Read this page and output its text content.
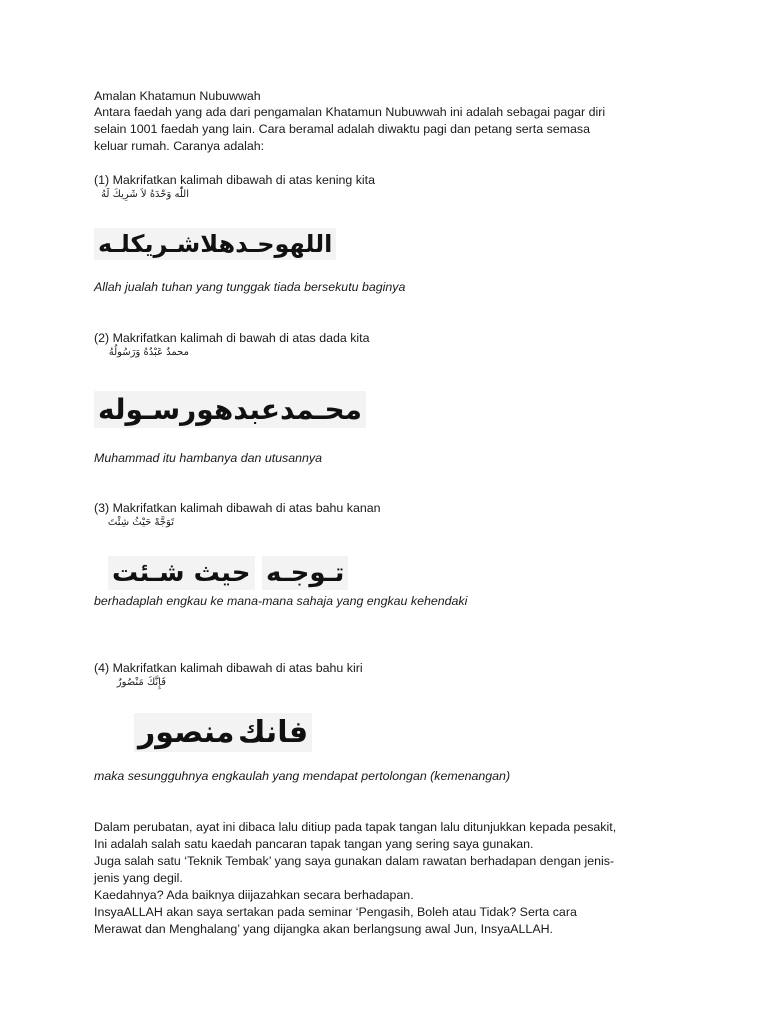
Amalan Khatamun Nubuwwah
Antara faedah yang ada dari pengamalan Khatamun Nubuwwah ini adalah sebagai pagar diri
selain 1001 faedah yang lain. Cara beramal adalah diwaktu pagi dan petang serta semasa
keluar rumah. Caranya adalah:
(1) Makrifatkan kalimah dibawah di atas kening kita
اللّٰه وَحْدَهُ لاَ شَرِيكَ لَهُ
اللهوحـدهلاشـريكلـه
Allah jualah tuhan yang tunggak tiada bersekutu baginya
(2) Makrifatkan kalimah di bawah di atas dada kita
محمدٌ عَبْدُهُ وَرَسُولُهُ
محـمدعبدهورسـوله
Muhammad itu hambanya dan utusannya
(3) Makrifatkan kalimah dibawah di atas bahu kanan
تَوَجَّهْ حَيْثُ شِئْتَ
تـوجـه
حيث شـئت
berhadaplah engkau ke mana-mana sahaja yang engkau kehendaki
(4) Makrifatkan kalimah dibawah di atas bahu kiri
فَإِنَّكَ مَنْصُورٌ
فانك
منصور
maka sesungguhnya engkaulah yang mendapat pertolongan (kemenangan)
Dalam perubatan, ayat ini dibaca lalu ditiup pada tapak tangan lalu ditunjukkan kepada pesakit,
Ini adalah salah satu kaedah pancaran tapak tangan yang sering saya gunakan.
Juga salah satu ‘Teknik Tembak’ yang saya gunakan dalam rawatan berhadapan dengan jenis-
jenis yang degil.
Kaedahnya? Ada baiknya diijazahkan secara berhadapan.
InsyaALLAH akan saya sertakan pada seminar ‘Pengasih, Boleh atau Tidak? Serta cara
Merawat dan Menghalang’ yang dijangka akan berlangsung awal Jun, InsyaALLAH.
